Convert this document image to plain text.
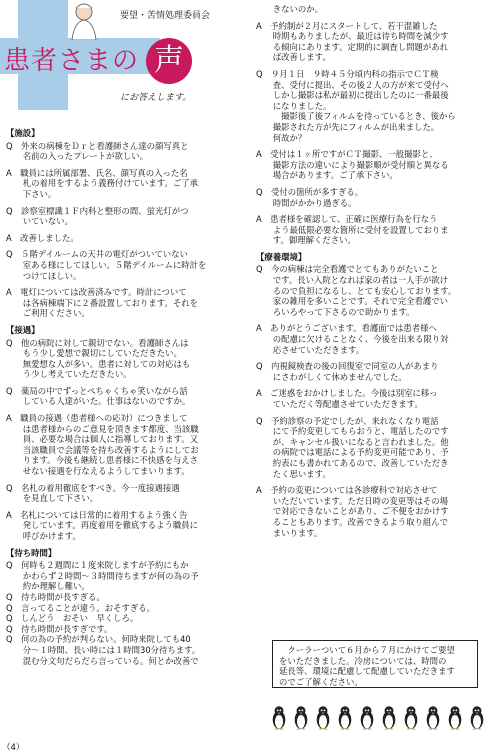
要望・苦情処理委員会
患者さまの 声
にお答えします。
【施設】
Q　外来の病棟をＤｒと看護師さん達の顔写真と
　　名前の入ったプレートが欲しい。
A　職員には所属部署、氏名、顔写真の入った名
　　札の着用をするよう義務付けています。ご了承
　　下さい。
Q　診察室標識１Ｆ内科と整形の間、蛍光灯がつ
　　いていない。
A　改善しました。
Q　５階デイルームの天井の電灯がついていない
　　室ある様にしてほしい。５階デイルームに時計を
　　つけてほしい。
A　電灯については改善済みです。時計について
　　は各病棟端下に２番設置しております。それを
　　ご利用ください。
【接遇】
Q　他の病院に対して親切でない。看護師さんは
　　もう少し愛想で親切にしていただきたい。
　　無愛想な人が多い。患者に対しての対応はも
　　う少し考えていただきたい。
Q　薬局の中でずっとぺちゃくちゃ笑いながら話
　　している人達がいた。仕事はないのですか。
A　職員の接遇（患者様への応対）につきまして
　　は患者様からのご意見を頂きます都度、当該職
　　員、必要な場合は個人に指導しております。又
　　当該職員で会議等を持ち改善するようにしてお
　　ります。今後も継続し患者様に不快感を与えさ
　　せない接遇を行なえるようしてまいります。
Q　名札の着用徹底をすべき。今一度接遇接遇
　　を見直して下さい。
A　名札については日常的に着用するよう強く告
　　発しています。再度着用を徹底するよう職員に
　　呼びかけます。
【待ち時間】
Q　何時も２週間に１度来院しますが予約にもか
　　かわらず２時間～３時間待ちますが何の為の予
　　約か理解し難い。
Q　待ち時間が長すぎる。
Q　言ってることが違う。おそすぎる。
Q　しんどう　おそい　早くしろ。
Q　待ち時間が長すぎです。
Q　何の為の予約が判らない。何時来院しても40
　　分～１時間、長い時には１時間30分待ちます。
　　混む分文句だらだら言っている。何とか改善で
　　きないのか。
A　予約制が２月にスタートして、若干混雑した
　　時期もありましたが、最近は待ち時間を減少す
　　る傾向にあります。定期的に調査し問題があれ
　　ば改善します。
Q　９月１日　９時４５分頃内科の指示でＣＴ検
　　査、受付に提出、その後２人の方が来て受付へ
　　しかし撮影は私が最初に提出したのに一番最後
　　になりました。
　　　撮影後了後フィルムを待っているとき、後から
　　撮影された方が先にフィルムが出来ました。
　　何故か？
A　受付は１ヶ所ですがＣＴ撮影、一般撮影と、
　　撮影方法の違いにより撮影順が受付順と異なる
　　場合があります。ご了承下さい。
Q　受付の箇所が多すぎる。
　　時間がかかり過ぎる。
A　患者様を確認して、正確に医療行為を行なう
　　よう最低限必要な箇所に受付を設置しておりま
　　す。御理解ください。
【療養環境】
Q　今の病棟は完全看護でとてもありがたいこと
　　です。長い入院となれば家の者は一人手が欲け
　　るので負担になるし、とても安心しております。
　　家の雑用を多いことです。それで完全看護でい
　　ろいろやって下さるので助かります。
A　ありがとうございます。看護面では患者様へ
　　の配慮に欠けることなく、今後を出来る限り対
　　応させていただきます。
Q　内視鏡検査の後の回復室で同室の人があまり
　　にさわがしくて休めませんでした。
A　ご迷惑をおかけしました。今後は別室に移っ
　　ていただく等配慮させていただきます。
Q　予約診察の予定でしたが、来れなくなり電話
　　にて予約変更してもらおうと、電話したのです
　　が、キャンセル扱いになると言われました。他
　　の病院では電話による予約変更可能であり、予
　　約表にも書かれてあるので、改善していただき
　　たく思います。
A　予約の変更については各診療科で対応させて
　　いただいています。ただ日時の変更等はその場
　　で対応できないことがあり、ご不便をおかけす
　　ることもあります。改善できるよう取り組んで
　　まいります。
　クーラーついて６月から７月にかけてご要望
をいただきました。冷房については、時間の
延長等、環境に配慮して配慮していただきます
のでご了解ください。
（4）
